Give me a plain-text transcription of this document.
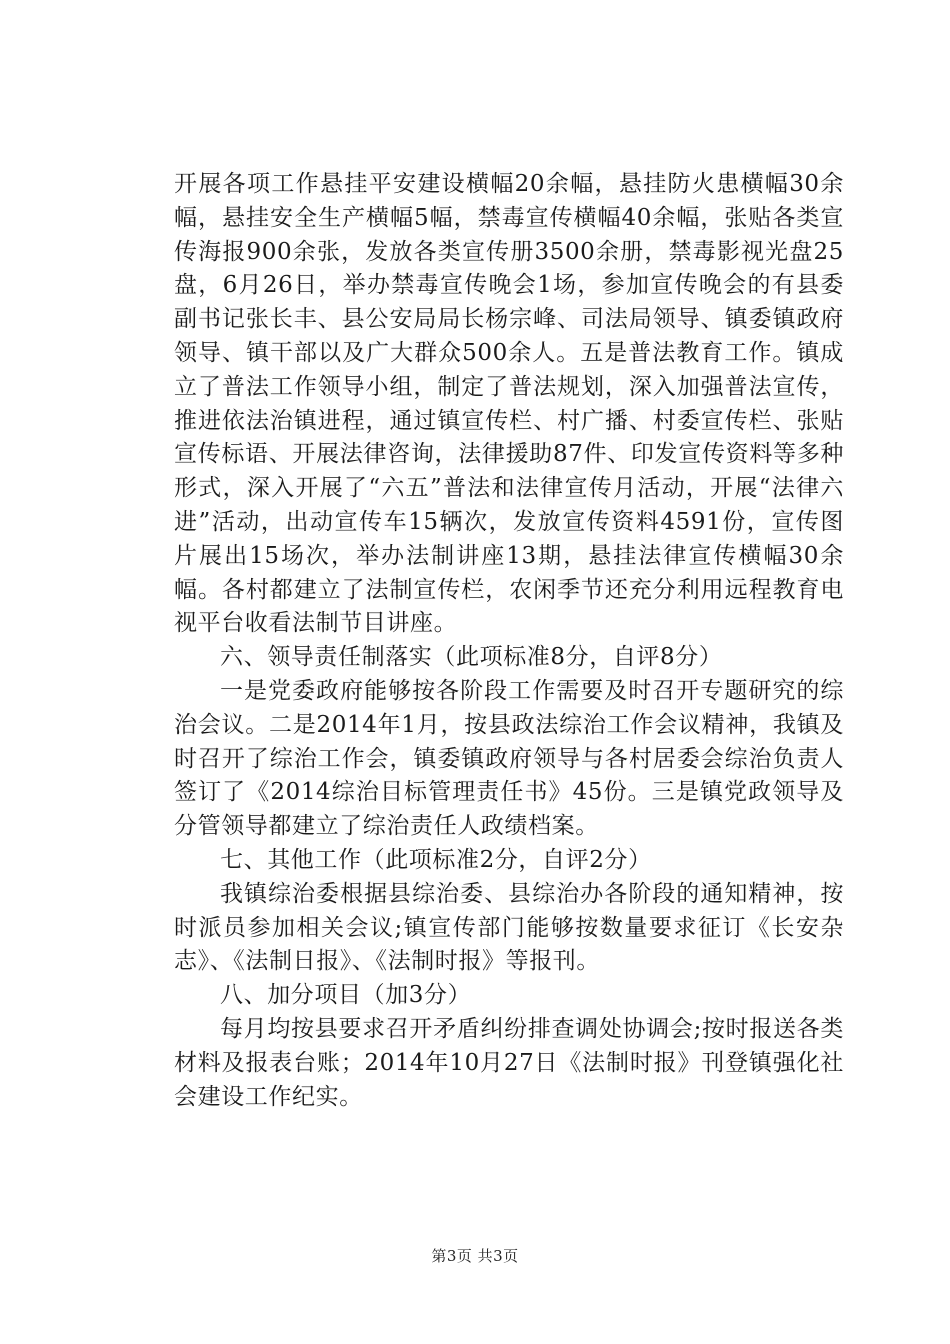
开展各项工作悬挂平安建设横幅20余幅，悬挂防火患横幅30余幅，悬挂安全生产横幅5幅，禁毒宣传横幅40余幅，张贴各类宣传海报900余张，发放各类宣传册3500余册，禁毒影视光盘25盘，6月26日，举办禁毒宣传晚会1场，参加宣传晚会的有县委副书记张长丰、县公安局局长杨宗峰、司法局领导、镇委镇政府领导、镇干部以及广大群众500余人。五是普法教育工作。镇成立了普法工作领导小组，制定了普法规划，深入加强普法宣传，推进依法治镇进程，通过镇宣传栏、村广播、村委宣传栏、张贴宣传标语、开展法律咨询，法律援助87件、印发宣传资料等多种形式，深入开展了“六五”普法和法律宣传月活动，开展“法律六进”活动，出动宣传车15辆次，发放宣传资料4591份，宣传图片展出15场次，举办法制讲座13期，悬挂法律宣传横幅30余幅。各村都建立了法制宣传栏，农闲季节还充分利用远程教育电视平台收看法制节目讲座。

六、领导责任制落实（此项标准8分，自评8分）

一是党委政府能够按各阶段工作需要及时召开专题研究的综治会议。二是2014年1月，按县政法综治工作会议精神，我镇及时召开了综治工作会，镇委镇政府领导与各村居委会综治负责人签订了《2014综治目标管理责任书》45份。三是镇党政领导及分管领导都建立了综治责任人政绩档案。

七、其他工作（此项标准2分，自评2分）

我镇综治委根据县综治委、县综治办各阶段的通知精神，按时派员参加相关会议;镇宣传部门能够按数量要求征订《长安杂志》、《法制日报》、《法制时报》等报刊。

八、加分项目（加3分）

每月均按县要求召开矛盾纠纷排查调处协调会;按时报送各类材料及报表台账；2014年10月27日《法制时报》刊登镇强化社会建设工作纪实。

第3页 共3页
